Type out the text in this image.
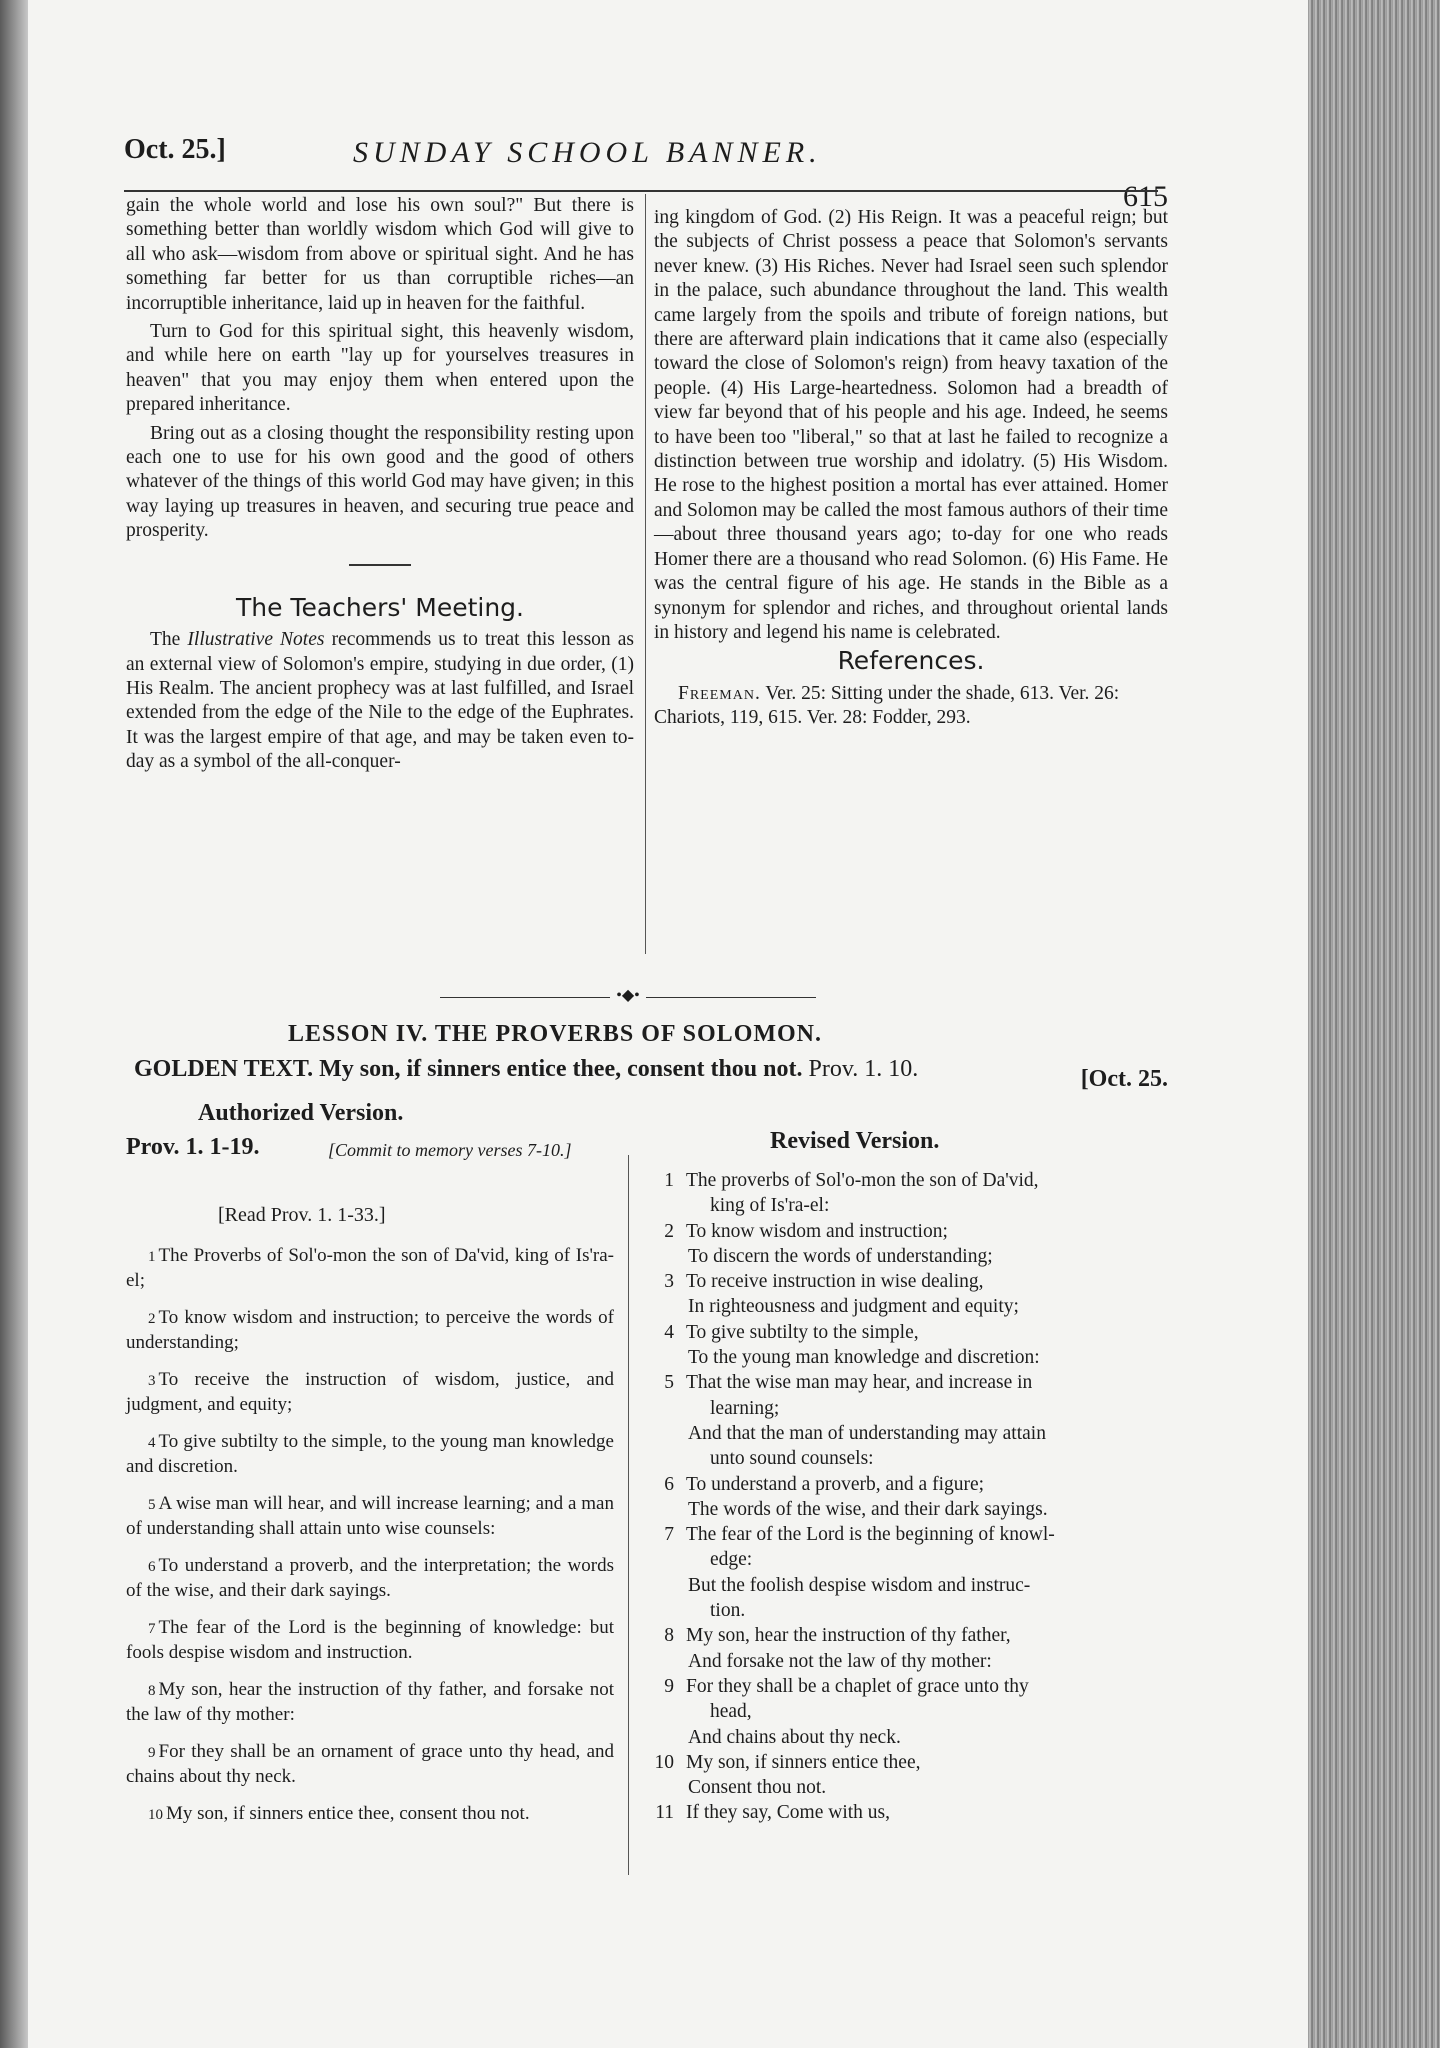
Oct. 25.]	SUNDAY SCHOOL BANNER.
615

gain the whole world and lose his own soul?" But there is something better than worldly wisdom which God will give to all who ask—wisdom from above or spiritual sight. And he has something far better for us than corruptible riches—an incorruptible inheritance, laid up in heaven for the faithful.

Turn to God for this spiritual sight, this heavenly wisdom, and while here on earth "lay up for yourselves treasures in heaven" that you may enjoy them when entered upon the prepared inheritance.

Bring out as a closing thought the responsibility resting upon each one to use for his own good and the good of others whatever of the things of this world God may have given; in this way laying up treasures in heaven, and securing true peace and prosperity.

The Teachers' Meeting.

The Illustrative Notes recommends us to treat this lesson as an external view of Solomon's empire, studying in due order, (1) His Realm. The ancient prophecy was at last fulfilled, and Israel extended from the edge of the Nile to the edge of the Euphrates. It was the largest empire of that age, and may be taken even to-day as a symbol of the all-conquer-

ing kingdom of God. (2) His Reign. It was a peaceful reign; but the subjects of Christ possess a peace that Solomon's servants never knew. (3) His Riches. Never had Israel seen such splendor in the palace, such abundance throughout the land. This wealth came largely from the spoils and tribute of foreign nations, but there are afterward plain indications that it came also (especially toward the close of Solomon's reign) from heavy taxation of the people. (4) His Large-heartedness. Solomon had a breadth of view far beyond that of his people and his age. Indeed, he seems to have been too "liberal," so that at last he failed to recognize a distinction between true worship and idolatry. (5) His Wisdom. He rose to the highest position a mortal has ever attained. Homer and Solomon may be called the most famous authors of their time—about three thousand years ago; to-day for one who reads Homer there are a thousand who read Solomon. (6) His Fame. He was the central figure of his age. He stands in the Bible as a synonym for splendor and riches, and throughout oriental lands in history and legend his name is celebrated.

References.

Freeman. Ver. 25: Sitting under the shade, 613. Ver. 26: Chariots, 119, 615. Ver. 28: Fodder, 293.

•◆•
LESSON IV. THE PROVERBS OF SOLOMON.
[Oct. 25.
GOLDEN TEXT. My son, if sinners entice thee, consent thou not. Prov. 1. 10.
Authorized Version.
Revised Version.
Prov. 1. 1-19.	[Commit to memory verses 7-10.]
[Read Prov. 1. 1-33.]

1 The Proverbs of Sol'o-mon the son of Da'vid, king of Is'ra-el;

2 To know wisdom and instruction; to perceive the words of understanding;

3 To receive the instruction of wisdom, justice, and judgment, and equity;

4 To give subtilty to the simple, to the young man knowledge and discretion.

5 A wise man will hear, and will increase learning; and a man of understanding shall attain unto wise counsels:

6 To understand a proverb, and the interpretation; the words of the wise, and their dark sayings.

7 The fear of the Lord is the beginning of knowledge: but fools despise wisdom and instruction.

8 My son, hear the instruction of thy father, and forsake not the law of thy mother:

9 For they shall be an ornament of grace unto thy head, and chains about thy neck.

10 My son, if sinners entice thee, consent thou not.

1 The proverbs of Sol'o-mon the son of Da'vid,
king of Is'ra-el:
2 To know wisdom and instruction;
To discern the words of understanding;
3 To receive instruction in wise dealing,
In righteousness and judgment and equity;
4 To give subtilty to the simple,
To the young man knowledge and discretion:
5 That the wise man may hear, and increase in
learning;
And that the man of understanding may attain
unto sound counsels:
6 To understand a proverb, and a figure;
The words of the wise, and their dark sayings.
7 The fear of the Lord is the beginning of knowl-
edge:
But the foolish despise wisdom and instruc-
tion.
8 My son, hear the instruction of thy father,
And forsake not the law of thy mother:
9 For they shall be a chaplet of grace unto thy
head,
And chains about thy neck.
10 My son, if sinners entice thee,
Consent thou not.
11 If they say, Come with us,
